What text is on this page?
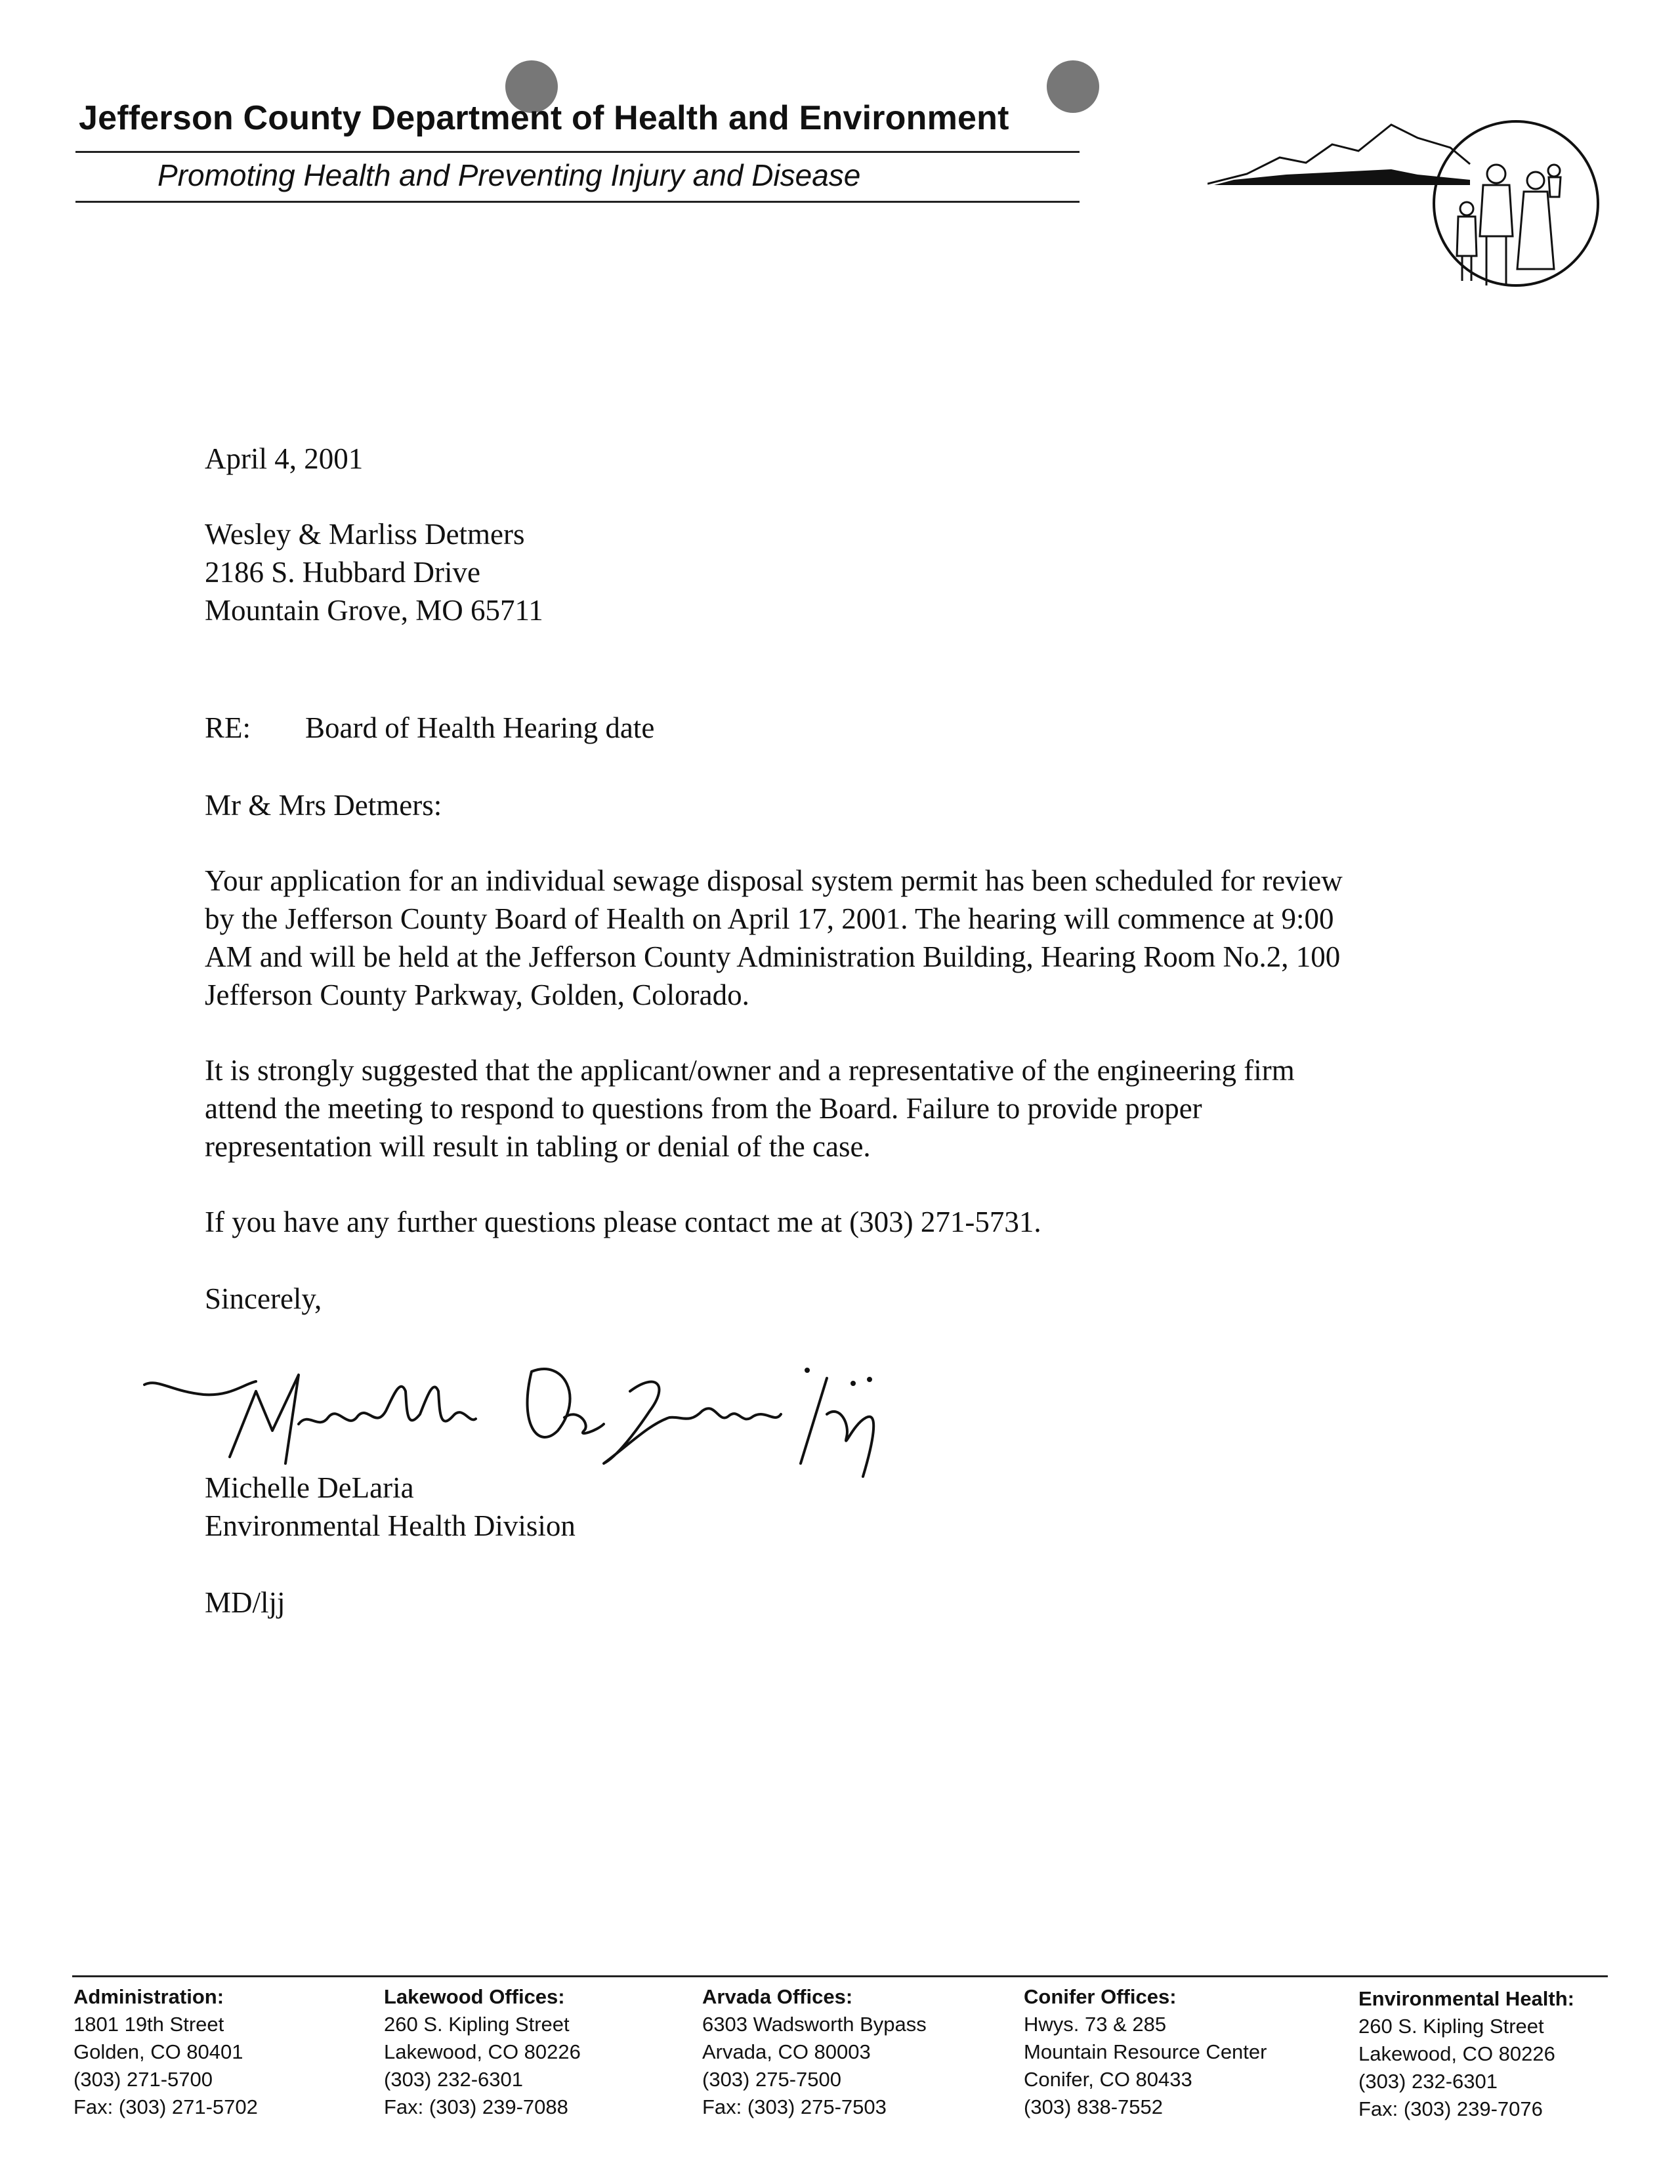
Jefferson County Department of Health and Environment
Promoting Health and Preventing Injury and Disease
April 4, 2001
Wesley & Marliss Detmers
2186 S. Hubbard Drive
Mountain Grove, MO 65711
RE: Board of Health Hearing date
Mr & Mrs Detmers:
Your application for an individual sewage disposal system permit has been scheduled for review
by the Jefferson County Board of Health on April 17, 2001. The hearing will commence at 9:00
AM and will be held at the Jefferson County Administration Building, Hearing Room No.2, 100
Jefferson County Parkway, Golden, Colorado.
It is strongly suggested that the applicant/owner and a representative of the engineering firm
attend the meeting to respond to questions from the Board. Failure to provide proper
representation will result in tabling or denial of the case.
If you have any further questions please contact me at (303) 271-5731.
Sincerely,
Michelle DeLaria
Environmental Health Division
MD/ljj
Administration:
1801 19th Street
Golden, CO 80401
(303) 271-5700
Fax: (303) 271-5702
Lakewood Offices:
260 S. Kipling Street
Lakewood, CO 80226
(303) 232-6301
Fax: (303) 239-7088
Arvada Offices:
6303 Wadsworth Bypass
Arvada, CO 80003
(303) 275-7500
Fax: (303) 275-7503
Conifer Offices:
Hwys. 73 & 285
Mountain Resource Center
Conifer, CO 80433
(303) 838-7552
Environmental Health:
260 S. Kipling Street
Lakewood, CO 80226
(303) 232-6301
Fax: (303) 239-7076
